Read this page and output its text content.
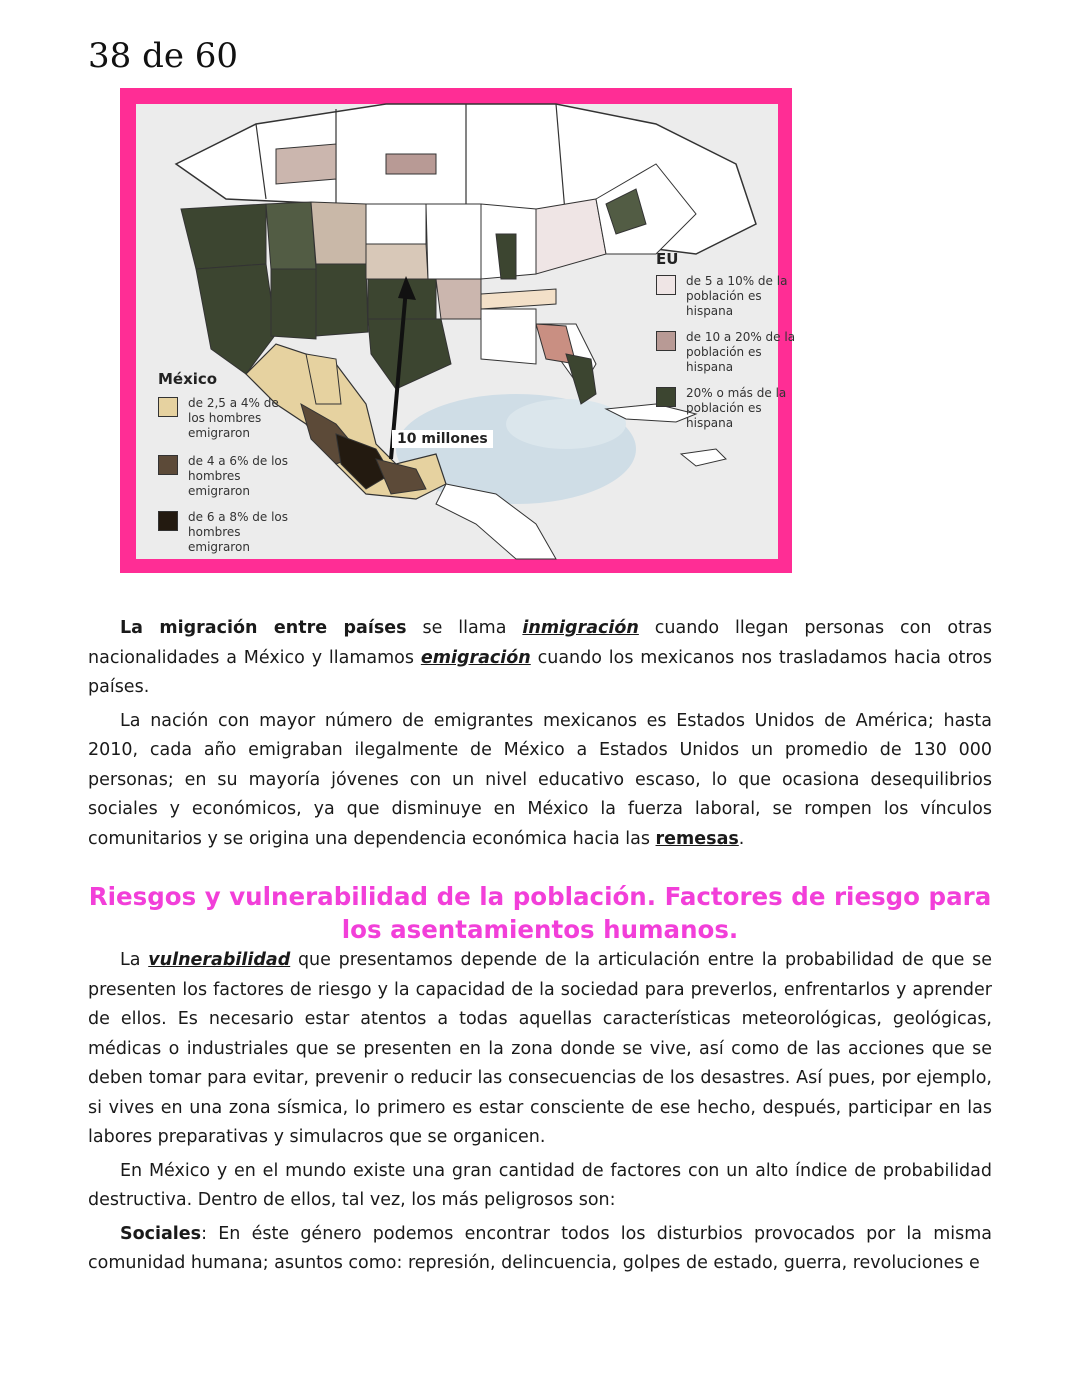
38 de 60
EU
de 5 a 10% de la población es hispana
de 10 a 20% de la población es hispana
20% o más de la población es hispana
México
de 2,5 a 4% de los hombres emigraron
de 4 a 6% de los hombres emigraron
de 6 a 8% de los hombres emigraron
10 millones

La migración entre países se llama inmigración cuando llegan personas con otras nacionalidades a México y llamamos emigración cuando los mexicanos nos trasladamos hacia otros países.

La nación con mayor número de emigrantes mexicanos es Estados Unidos de América; hasta 2010, cada año emigraban ilegalmente de México a Estados Unidos un promedio de 130 000 personas; en su mayoría jóvenes con un nivel educativo escaso, lo que ocasiona desequilibrios sociales y económicos, ya que disminuye en México la fuerza laboral, se rompen los vínculos comunitarios y se origina una dependencia económica hacia las remesas.

Riesgos y vulnerabilidad de la población. Factores de riesgo para los asentamientos humanos.

La vulnerabilidad que presentamos depende de la articulación entre la probabilidad de que se presenten los factores de riesgo y la capacidad de la sociedad para preverlos, enfrentarlos y aprender de ellos. Es necesario estar atentos a todas aquellas características meteorológicas, geológicas, médicas o industriales que se presenten en la zona donde se vive, así como de las acciones que se deben tomar para evitar, prevenir o reducir las consecuencias de los desastres. Así pues, por ejemplo, si vives en una zona sísmica, lo primero es estar consciente de ese hecho, después, participar en las labores preparativas y simulacros que se organicen.

En México y en el mundo existe una gran cantidad de factores con un alto índice de probabilidad destructiva. Dentro de ellos, tal vez, los más peligrosos son:

Sociales: En éste género podemos encontrar todos los disturbios provocados por la misma comunidad humana; asuntos como: represión, delincuencia, golpes de estado, guerra, revoluciones e
